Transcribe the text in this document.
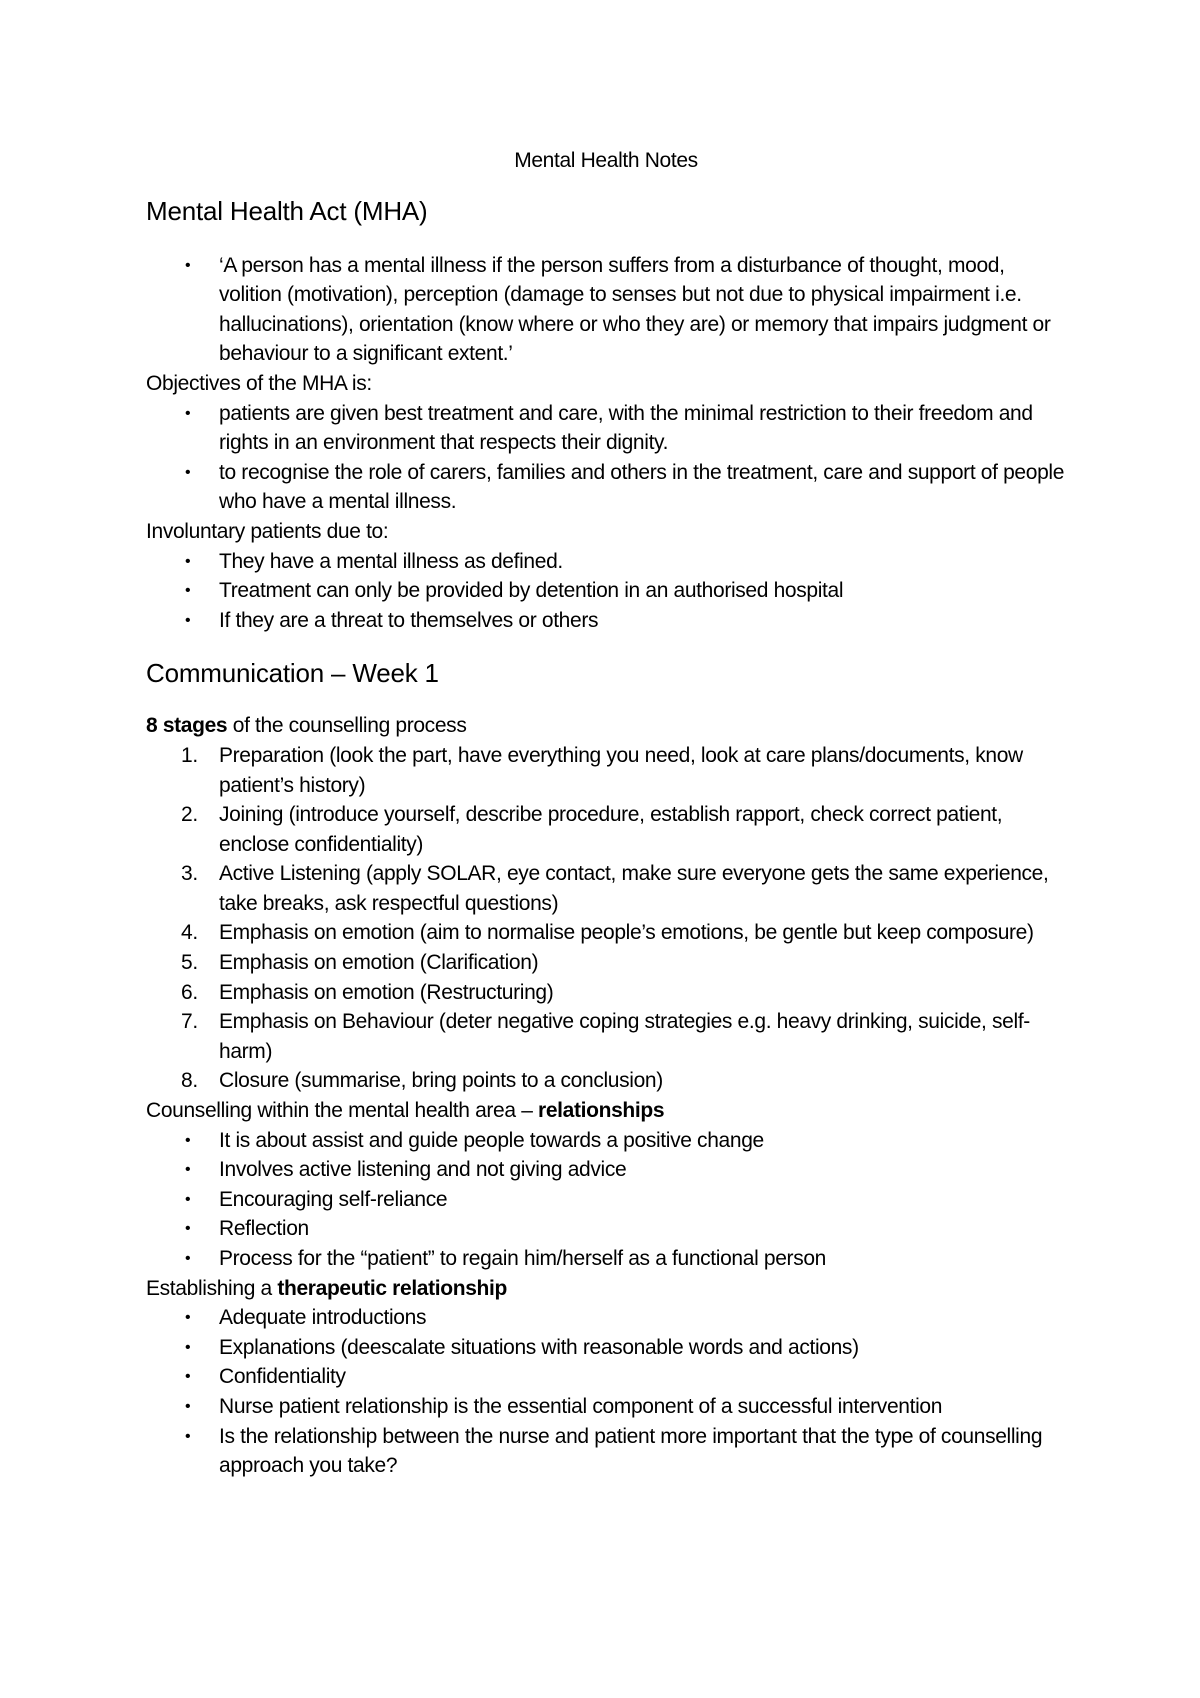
Mental Health Notes

Mental Health Act (MHA)
• ‘A person has a mental illness if the person suffers from a disturbance of thought, mood, volition (motivation), perception (damage to senses but not due to physical impairment i.e. hallucinations), orientation (know where or who they are) or memory that impairs judgment or behaviour to a significant extent.’

Objectives of the MHA is:

• patients are given best treatment and care, with the minimal restriction to their freedom and rights in an environment that respects their dignity.
• to recognise the role of carers, families and others in the treatment, care and support of people who have a mental illness.

Involuntary patients due to:

• They have a mental illness as defined.
• Treatment can only be provided by detention in an authorised hospital
• If they are a threat to themselves or others
Communication – Week 1

8 stages of the counselling process

1. Preparation (look the part, have everything you need, look at care plans/documents, know patient’s history)
2. Joining (introduce yourself, describe procedure, establish rapport, check correct patient, enclose confidentiality)
3. Active Listening (apply SOLAR, eye contact, make sure everyone gets the same experience, take breaks, ask respectful questions)
4. Emphasis on emotion (aim to normalise people’s emotions, be gentle but keep composure)
5. Emphasis on emotion (Clarification)
6. Emphasis on emotion (Restructuring)
7. Emphasis on Behaviour (deter negative coping strategies e.g. heavy drinking, suicide, self-harm)
8. Closure (summarise, bring points to a conclusion)

Counselling within the mental health area – relationships

• It is about assist and guide people towards a positive change
• Involves active listening and not giving advice
• Encouraging self-reliance
• Reflection
• Process for the “patient” to regain him/herself as a functional person

Establishing a therapeutic relationship

• Adequate introductions
• Explanations (deescalate situations with reasonable words and actions)
• Confidentiality
• Nurse patient relationship is the essential component of a successful intervention
• Is the relationship between the nurse and patient more important that the type of counselling approach you take?
